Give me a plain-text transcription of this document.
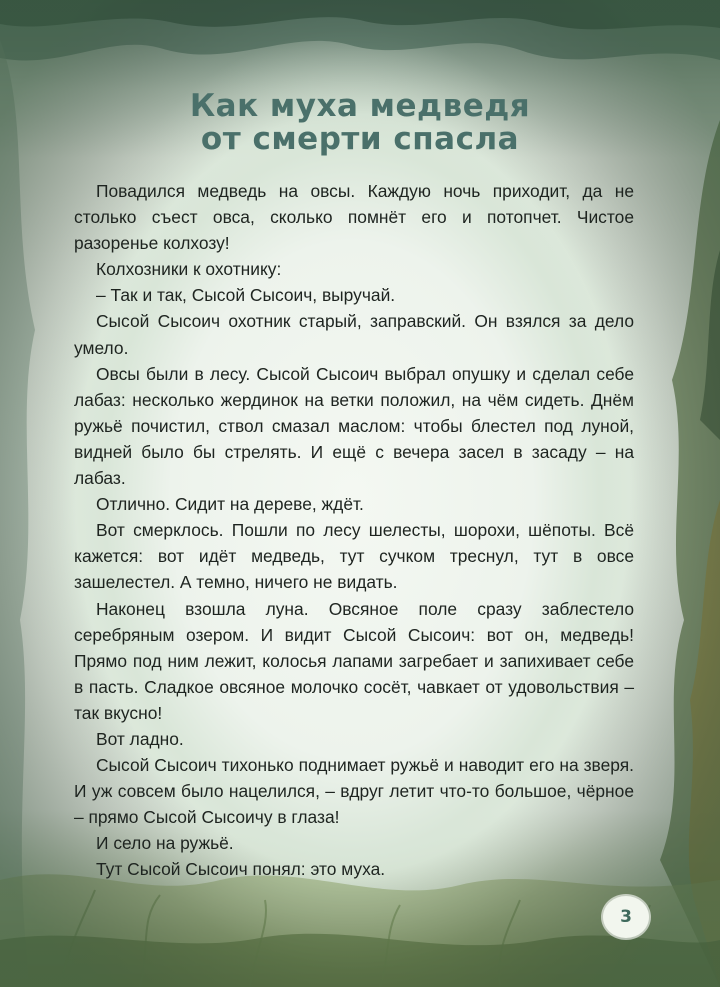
Как муха медведя
от смерти спасла

Повадился медведь на овсы. Каждую ночь приходит, да не столько съест овса, сколько помнёт его и потопчет. Чистое разоренье колхозу!

Колхозники к охотнику:

– Так и так, Сысой Сысоич, выручай.

Сысой Сысоич охотник старый, заправский. Он взялся за дело умело.

Овсы были в лесу. Сысой Сысоич выбрал опушку и сделал себе лабаз: несколько жердинок на ветки положил, на чём сидеть. Днём ружьё почистил, ствол смазал маслом: чтобы блестел под луной, видней было бы стрелять. И ещё с вечера засел в засаду – на лабаз.

Отлично. Сидит на дереве, ждёт.

Вот смерклось. Пошли по лесу шелесты, шорохи, шёпоты. Всё кажется: вот идёт медведь, тут сучком треснул, тут в овсе зашелестел. А темно, ничего не видать.

Наконец взошла луна. Овсяное поле сразу заблестело серебряным озером. И видит Сысой Сысоич: вот он, медведь! Прямо под ним лежит, колосья лапами загребает и запихивает себе в пасть. Сладкое овсяное молочко сосёт, чавкает от удовольствия – так вкусно!

Вот ладно.

Сысой Сысоич тихонько поднимает ружьё и наводит его на зверя. И уж совсем было нацелился, – вдруг летит что-то большое, чёрное – прямо Сысой Сысоичу в глаза!

И село на ружьё.

Тут Сысой Сысоич понял: это муха.

3
